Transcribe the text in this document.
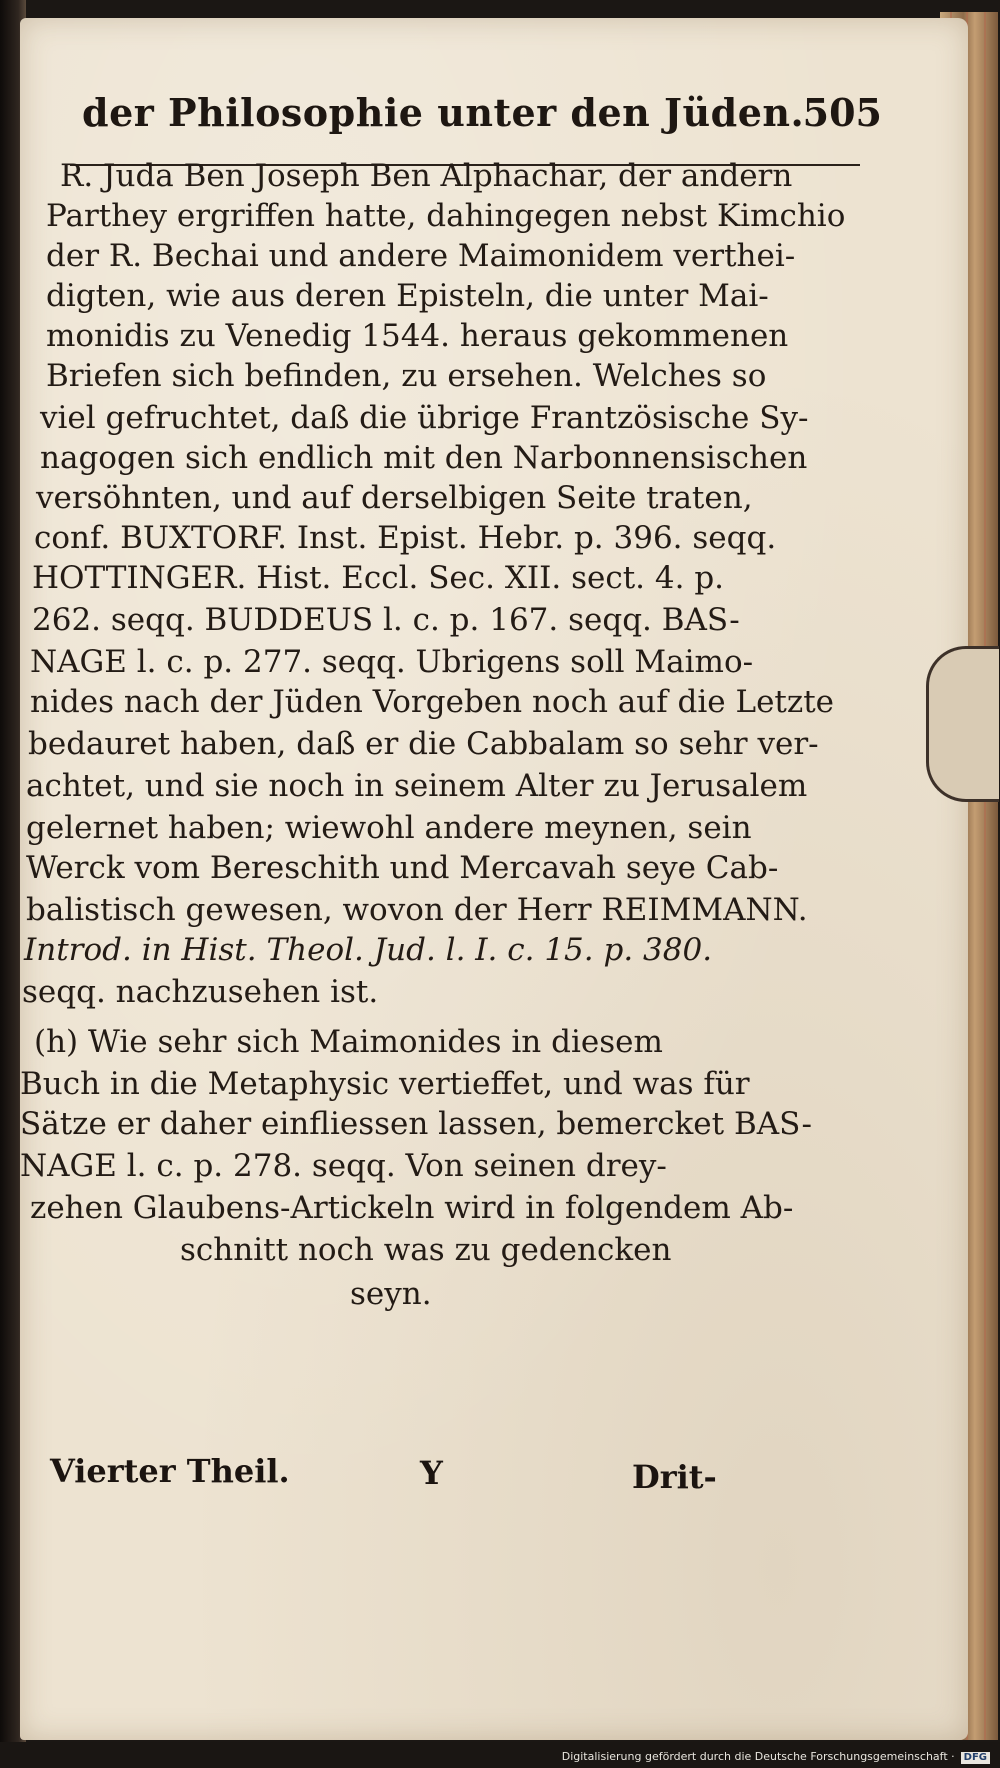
der Philosophie unter den Jüden.
505
R. Juda Ben Joseph Ben Alphachar, der andern
Parthey ergriffen hatte, dahingegen nebst Kimchio
der R. Bechai und andere Maimonidem verthei-
digten, wie aus deren Episteln, die unter Mai-
monidis zu Venedig 1544. heraus gekommenen
Briefen sich befinden, zu ersehen. Welches so
viel gefruchtet, daß die übrige Frantzösische Sy-
nagogen sich endlich mit den Narbonnensischen
versöhnten, und auf derselbigen Seite traten,
conf. BUXTORF. Inst. Epist. Hebr. p. 396. seqq.
HOTTINGER. Hist. Eccl. Sec. XII. sect. 4. p.
262. seqq. BUDDEUS l. c. p. 167. seqq. BAS-
NAGE l. c. p. 277. seqq. Ubrigens soll Maimo-
nides nach der Jüden Vorgeben noch auf die Letzte
bedauret haben, daß er die Cabbalam so sehr ver-
achtet, und sie noch in seinem Alter zu Jerusalem
gelernet haben; wiewohl andere meynen, sein
Werck vom Bereschith und Mercavah seye Cab-
balistisch gewesen, wovon der Herr REIMMANN.
Introd. in Hist. Theol. Jud. l. I. c. 15. p. 380.
seqq. nachzusehen ist.
(h) Wie sehr sich Maimonides in diesem
Buch in die Metaphysic vertieffet, und was für
Sätze er daher einfliessen lassen, bemercket BAS-
NAGE l. c. p. 278. seqq. Von seinen drey-
zehen Glaubens-Artickeln wird in folgendem Ab-
schnitt noch was zu gedencken
seyn.
Vierter Theil.	Y	Drit-
Digitalisierung gefördert durch die Deutsche Forschungsgemeinschaft · DFG
